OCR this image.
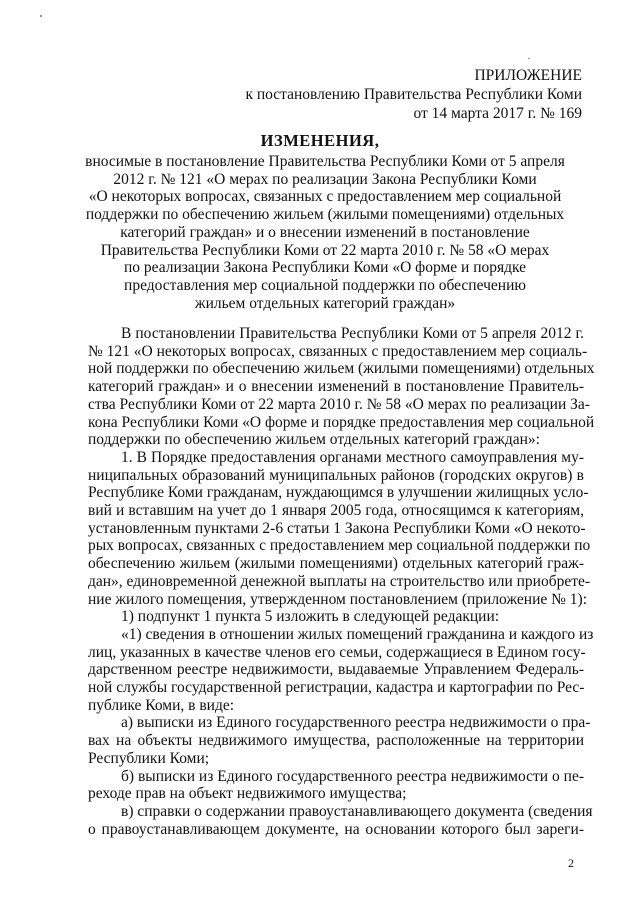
ПРИЛОЖЕНИЕ
к постановлению Правительства Республики Коми
от 14 марта 2017 г. № 169
ИЗМЕНЕНИЯ,
вносимые в постановление Правительства Республики Коми от 5 апреля
2012 г. № 121 «О мерах по реализации Закона Республики Коми
«О некоторых вопросах, связанных с предоставлением мер социальной
поддержки по обеспечению жильем (жилыми помещениями) отдельных
категорий граждан» и о внесении изменений в постановление
Правительства Республики Коми от 22 марта 2010 г. № 58 «О мерах
по реализации Закона Республики Коми «О форме и порядке
предоставления мер социальной поддержки по обеспечению
жильем отдельных категорий граждан»
В постановлении Правительства Республики Коми от 5 апреля 2012 г.
№ 121 «О некоторых вопросах, связанных с предоставлением мер социаль-
ной поддержки по обеспечению жильем (жилыми помещениями) отдельных
категорий граждан» и о внесении изменений в постановление Правитель-
ства Республики Коми от 22 марта 2010 г. № 58 «О мерах по реализации За-
кона Республики Коми «О форме и порядке предоставления мер социальной
поддержки по обеспечению жильем отдельных категорий граждан»:
1. В Порядке предоставления органами местного самоуправления му-
ниципальных образований муниципальных районов (городских округов) в
Республике Коми гражданам, нуждающимся в улучшении жилищных усло-
вий и вставшим на учет до 1 января 2005 года, относящимся к категориям,
установленным пунктами 2-6 статьи 1 Закона Республики Коми «О некото-
рых вопросах, связанных с предоставлением мер социальной поддержки по
обеспечению жильем (жилыми помещениями) отдельных категорий граж-
дан», единовременной денежной выплаты на строительство или приобрете-
ние жилого помещения, утвержденном постановлением (приложение № 1):
1) подпункт 1 пункта 5 изложить в следующей редакции:
«1) сведения в отношении жилых помещений гражданина и каждого из
лиц, указанных в качестве членов его семьи, содержащиеся в Едином госу-
дарственном реестре недвижимости, выдаваемые Управлением Федераль-
ной службы государственной регистрации, кадастра и картографии по Рес-
публике Коми, в виде:
а) выписки из Единого государственного реестра недвижимости о пра-
вах на объекты недвижимого имущества, расположенные на территории
Республики Коми;
б) выписки из Единого государственного реестра недвижимости о пе-
реходе прав на объект недвижимого имущества;
в) справки о содержании правоустанавливающего документа (сведения
о правоустанавливающем документе, на основании которого был зареги-
2
